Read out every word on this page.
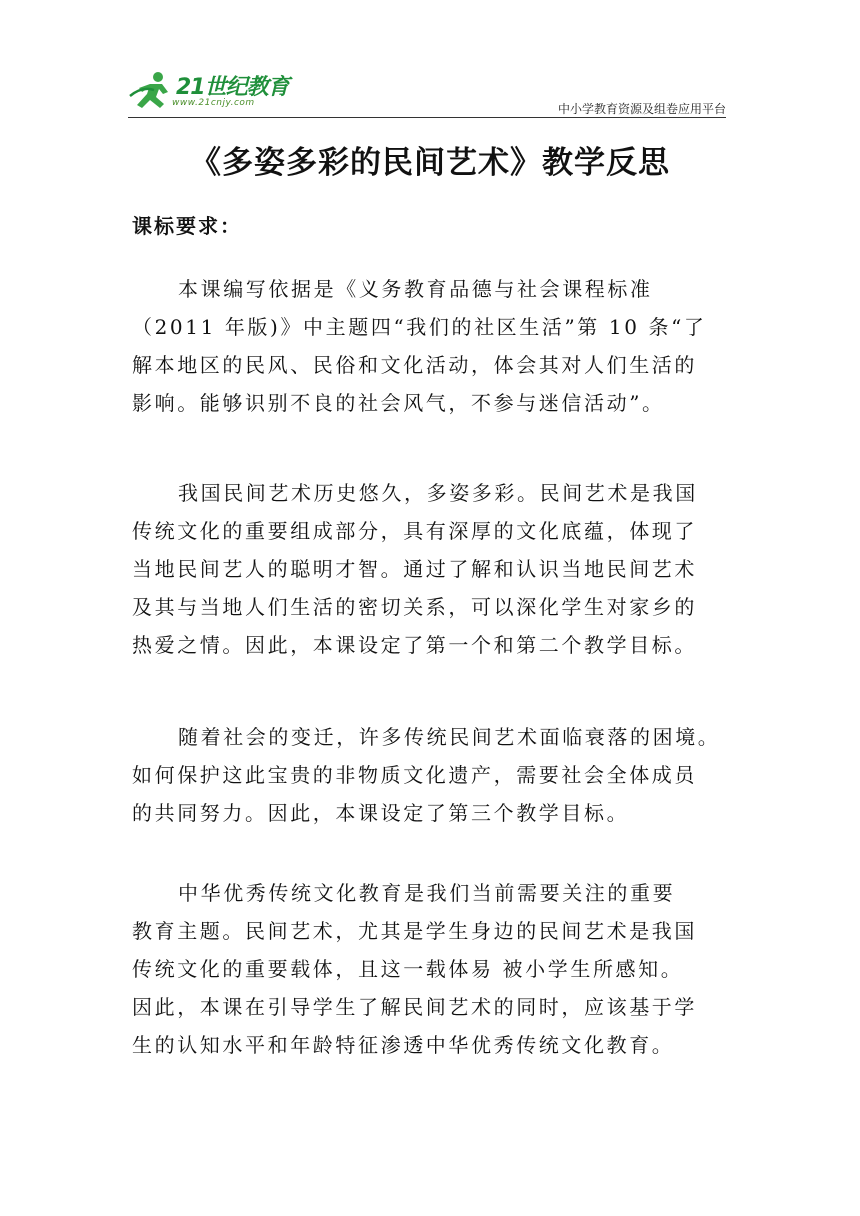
21世纪教育
www.21cnjy.com	中小学教育资源及组卷应用平台
《多姿多彩的民间艺术》教学反思
课标要求：
本课编写依据是《义务教育品德与社会课程标准
（2011 年版)》中主题四“我们的社区生活”第 10 条“了
解本地区的民风、民俗和文化活动，体会其对人们生活的
影响。能够识别不良的社会风气，不参与迷信活动”。
我国民间艺术历史悠久，多姿多彩。民间艺术是我国
传统文化的重要组成部分，具有深厚的文化底蕴，体现了
当地民间艺人的聪明才智。通过了解和认识当地民间艺术
及其与当地人们生活的密切关系，可以深化学生对家乡的
热爱之情。因此，本课设定了第一个和第二个教学目标。
随着社会的变迁，许多传统民间艺术面临衰落的困境。
如何保护这此宝贵的非物质文化遗产，需要社会全体成员
的共同努力。因此，本课设定了第三个教学目标。
中华优秀传统文化教育是我们当前需要关注的重要
教育主题。民间艺术，尤其是学生身边的民间艺术是我国
传统文化的重要载体，且这一载体易 被小学生所感知。
因此，本课在引导学生了解民间艺术的同时，应该基于学
生的认知水平和年龄特征渗透中华优秀传统文化教育。
